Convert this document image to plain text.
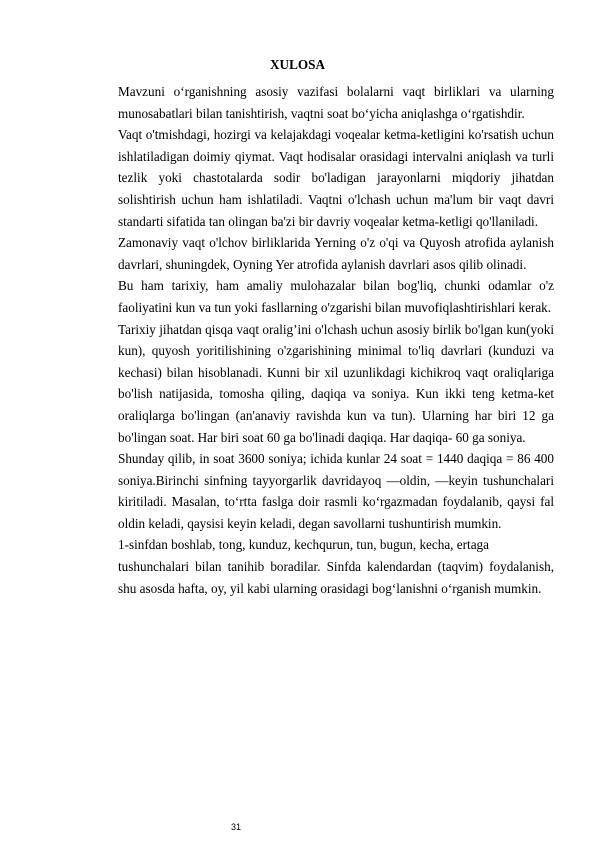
XULOSA

Mavzuni o‘rganishning asosiy vazifasi bolalarni vaqt birliklari va ularning munosabatlari bilan tanishtirish, vaqtni soat bo‘yicha aniqlashga o‘rgatishdir.

Vaqt o'tmishdagi, hozirgi va kelajakdagi voqealar ketma-ketligini ko'rsatish uchun ishlatiladigan doimiy qiymat. Vaqt hodisalar orasidagi intervalni aniqlash va turli tezlik yoki chastotalarda sodir bo'ladigan jarayonlarni miqdoriy jihatdan solishtirish uchun ham ishlatiladi. Vaqtni o'lchash uchun ma'lum bir vaqt davri standarti sifatida tan olingan ba'zi bir davriy voqealar ketma-ketligi qo'llaniladi.

Zamonaviy vaqt o'lchov birliklarida Yerning o'z o'qi va Quyosh atrofida aylanish davrlari, shuningdek, Oyning Yer atrofida aylanish davrlari asos qilib olinadi.

Bu ham tarixiy, ham amaliy mulohazalar bilan bog'liq, chunki odamlar o'z faoliyatini kun va tun yoki fasllarning o'zgarishi bilan muvofiqlashtirishlari kerak.

Tarixiy jihatdan qisqa vaqt oralig’ini o'lchash uchun asosiy birlik bo'lgan kun(yoki kun), quyosh yoritilishining o'zgarishining minimal to'liq davrlari (kunduzi va kechasi) bilan hisoblanadi. Kunni bir xil uzunlikdagi kichikroq vaqt oraliqlariga bo'lish natijasida, tomosha qiling, daqiqa va soniya. Kun ikki teng ketma-ket oraliqlarga bo'lingan (an'anaviy ravishda kun va tun). Ularning har biri 12 ga bo'lingan soat. Har biri soat 60 ga bo'linadi daqiqa. Har daqiqa- 60 ga soniya.

Shunday qilib, in soat 3600 soniya; ichida kunlar 24 soat = 1440 daqiqa = 86 400 soniya.Birinchi sinfning tayyorgarlik davridayoq ―oldin, ―keyin tushunchalari kiritiladi. Masalan, to‘rtta faslga doir rasmli ko‘rgazmadan foydalanib, qaysi fal oldin keladi, qaysisi keyin keladi, degan savollarni tushuntirish mumkin.

1-sinfdan boshlab, tong, kunduz, kechqurun, tun, bugun, kecha, ertaga

tushunchalari bilan tanihib boradilar. Sinfda kalendardan (taqvim) foydalanish, shu asosda hafta, oy, yil kabi ularning orasidagi bog‘lanishni o‘rganish mumkin.

31
